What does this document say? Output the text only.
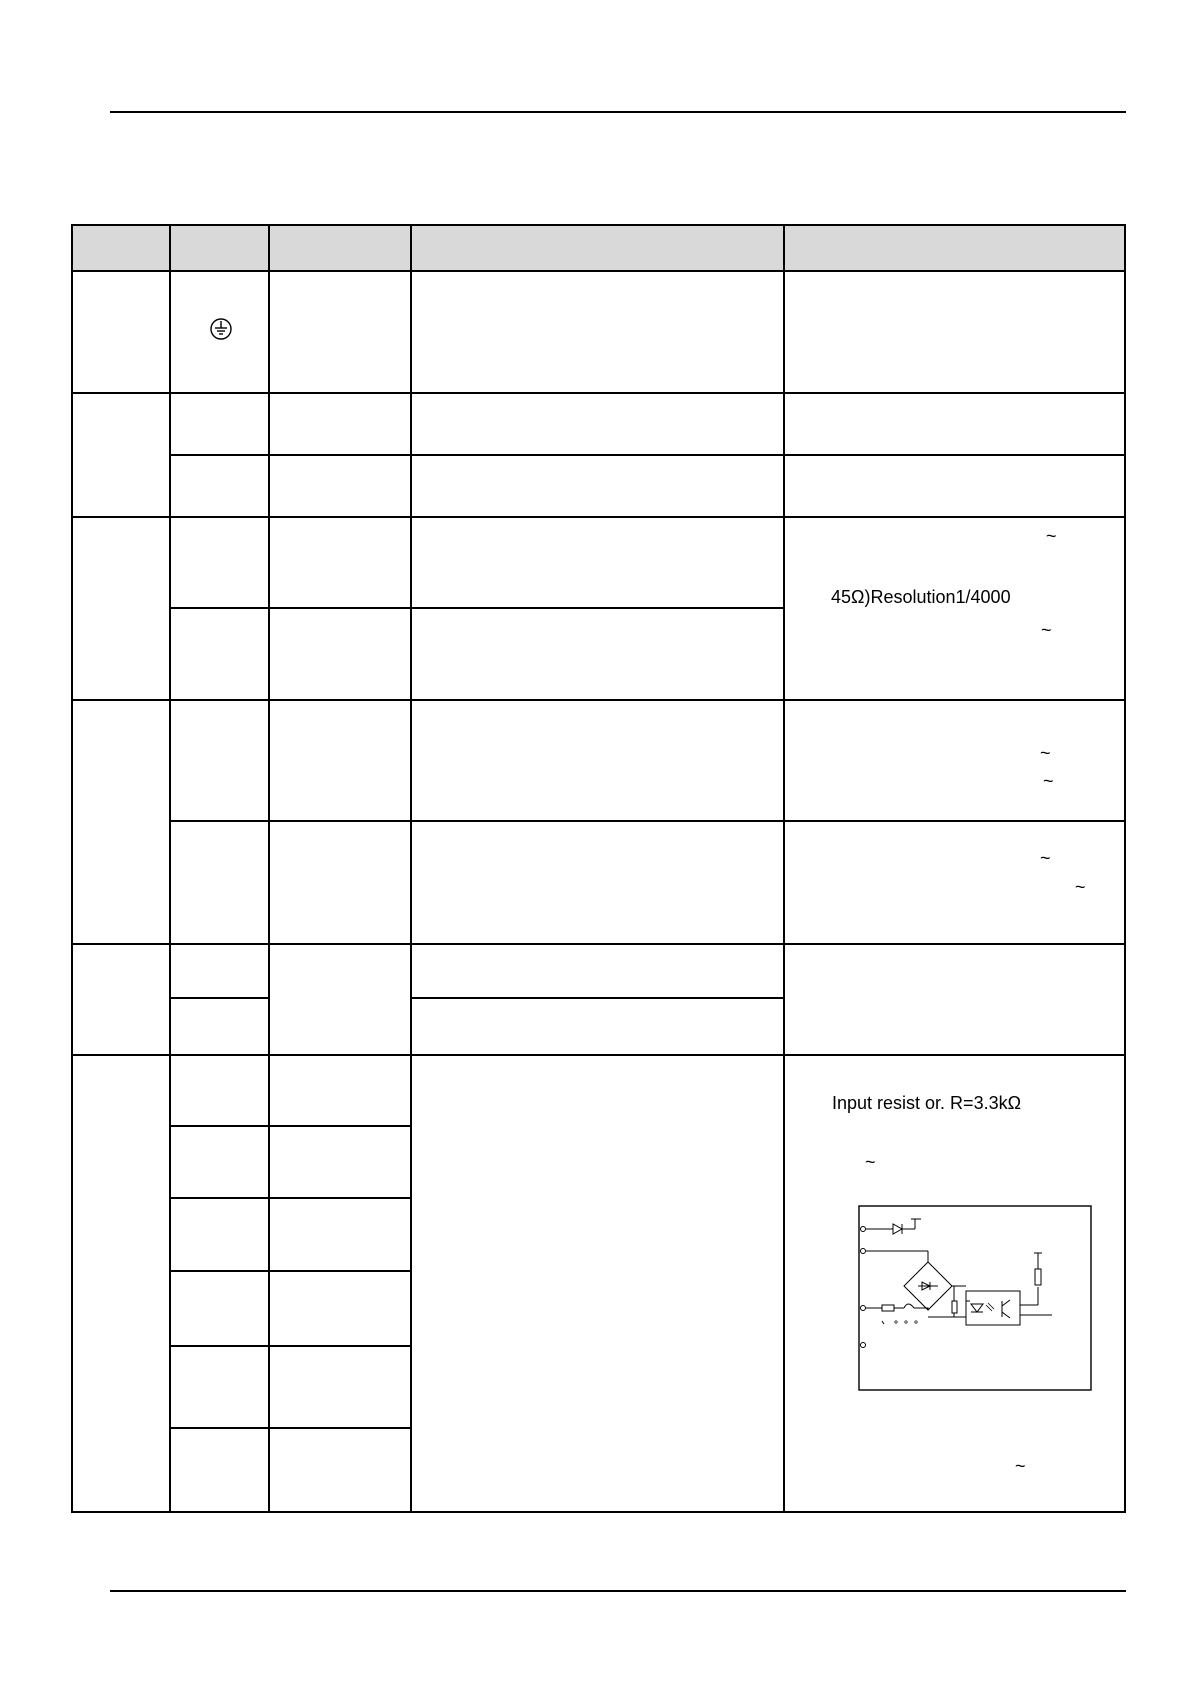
~
~
~
~
~
~
~
~
45Ω)Resolution1/4000
Input resist or. R=3.3kΩ
